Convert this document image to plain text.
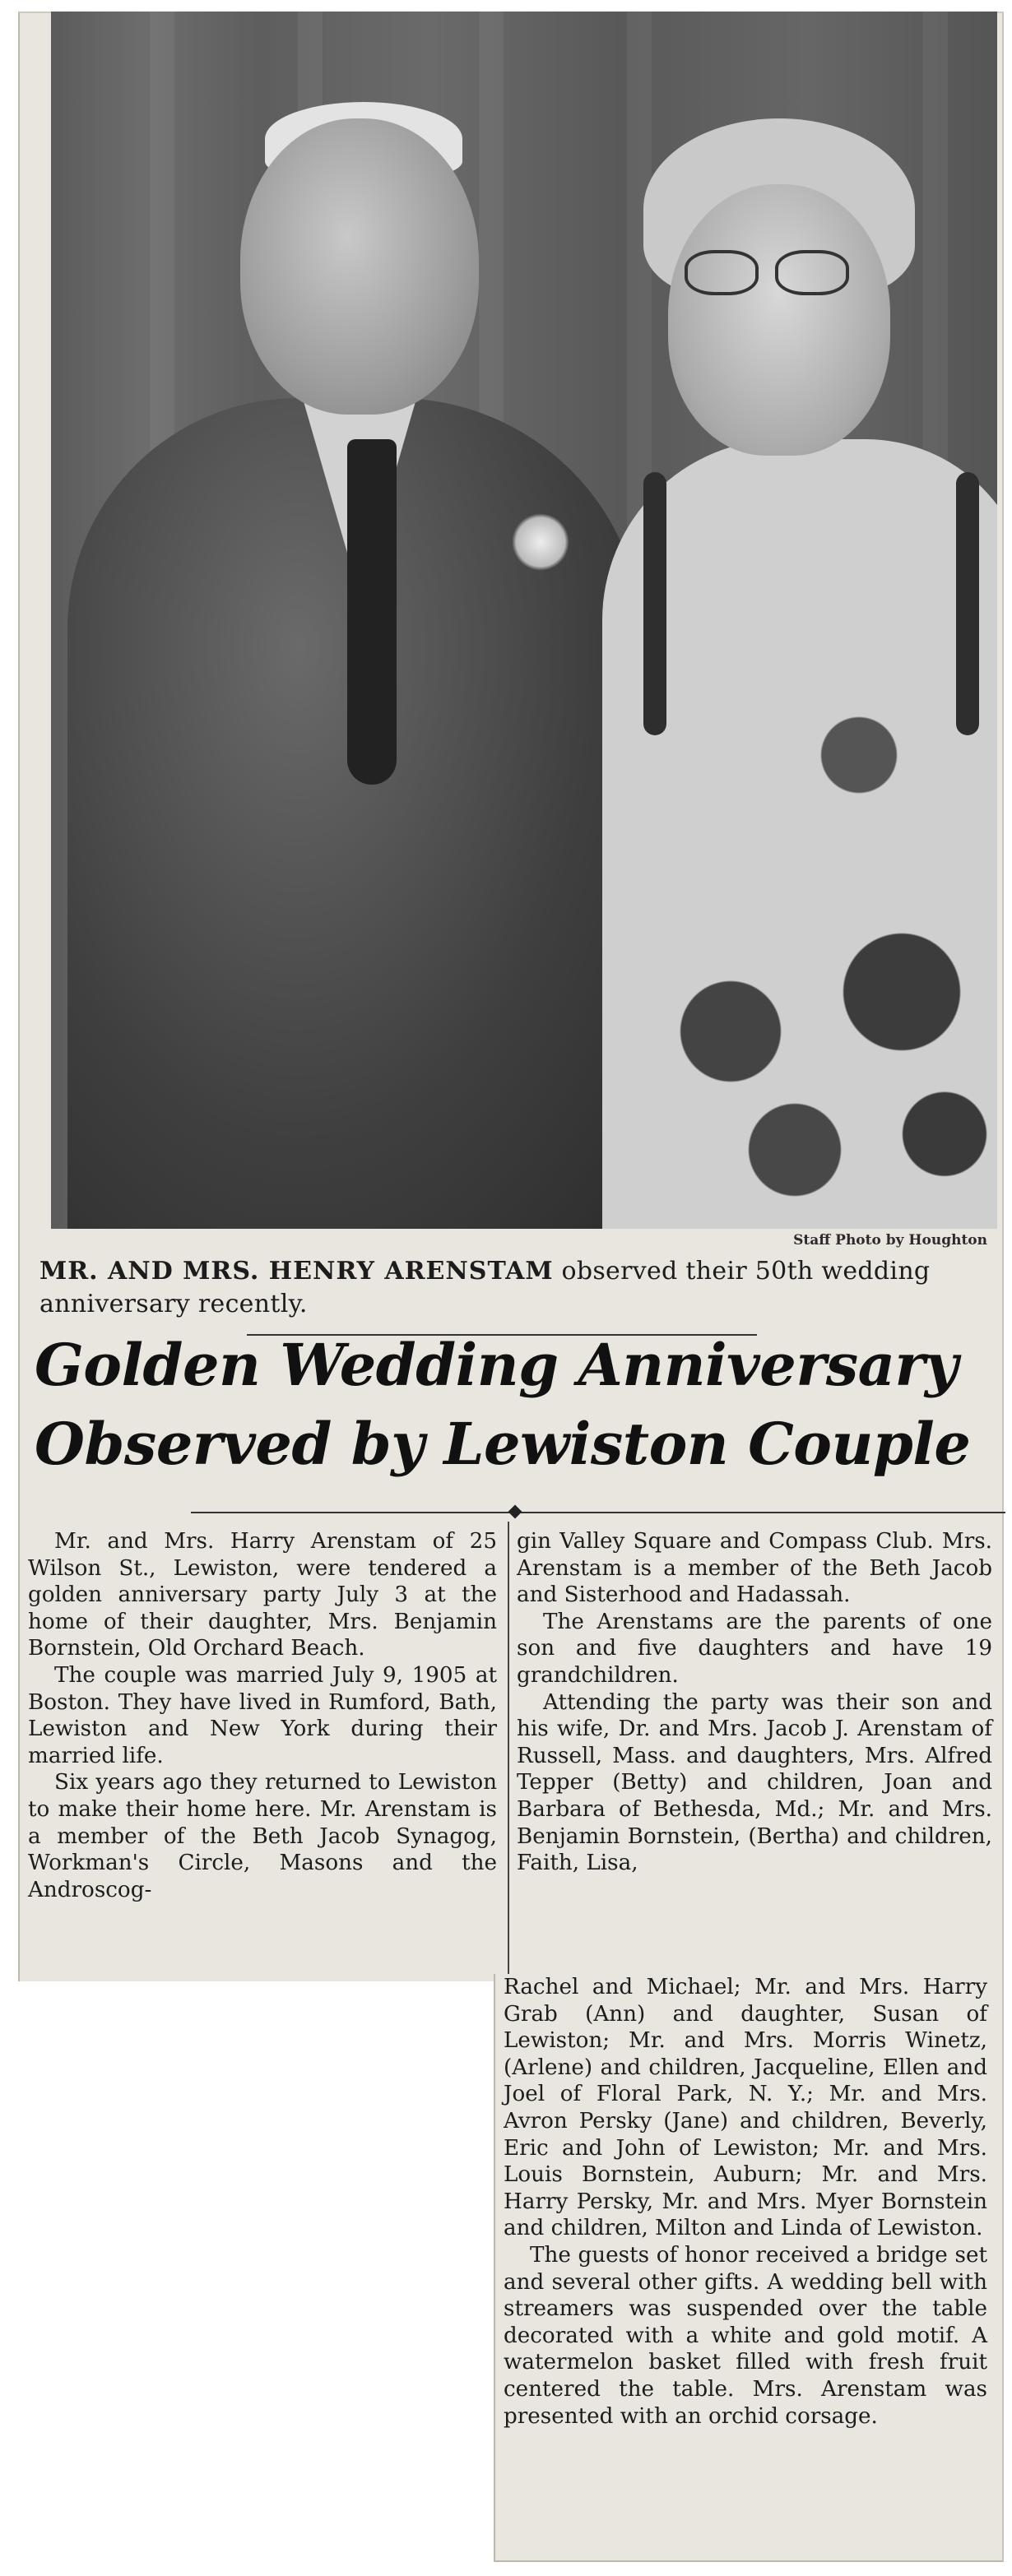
Staff Photo by Houghton
MR. AND MRS. HENRY ARENSTAM observed their 50th wedding anniversary recently.
Golden Wedding Anniversary
Observed by Lewiston Couple

Mr. and Mrs. Harry Arenstam of 25 Wilson St., Lewiston, were tendered a golden anniversary party July 3 at the home of their daughter, Mrs. Benjamin Bornstein, Old Orchard Beach.

The couple was married July 9, 1905 at Boston. They have lived in Rumford, Bath, Lewiston and New York during their married life.

Six years ago they returned to Lewiston to make their home here. Mr. Arenstam is a member of the Beth Jacob Synagog, Workman's Circle, Masons and the Androscog-

gin Valley Square and Compass Club. Mrs. Arenstam is a member of the Beth Jacob and Sisterhood and Hadassah.

The Arenstams are the parents of one son and five daughters and have 19 grandchildren.

Attending the party was their son and his wife, Dr. and Mrs. Jacob J. Arenstam of Russell, Mass. and daughters, Mrs. Alfred Tepper (Betty) and children, Joan and Barbara of Bethesda, Md.; Mr. and Mrs. Benjamin Bornstein, (Bertha) and children, Faith, Lisa,

Rachel and Michael; Mr. and Mrs. Harry Grab (Ann) and daughter, Susan of Lewiston; Mr. and Mrs. Morris Winetz, (Arlene) and children, Jacqueline, Ellen and Joel of Floral Park, N. Y.; Mr. and Mrs. Avron Persky (Jane) and children, Beverly, Eric and John of Lewiston; Mr. and Mrs. Louis Bornstein, Auburn; Mr. and Mrs. Harry Persky, Mr. and Mrs. Myer Bornstein and children, Milton and Linda of Lewiston.

The guests of honor received a bridge set and several other gifts. A wedding bell with streamers was suspended over the table decorated with a white and gold motif. A watermelon basket filled with fresh fruit centered the table. Mrs. Arenstam was presented with an orchid corsage.
